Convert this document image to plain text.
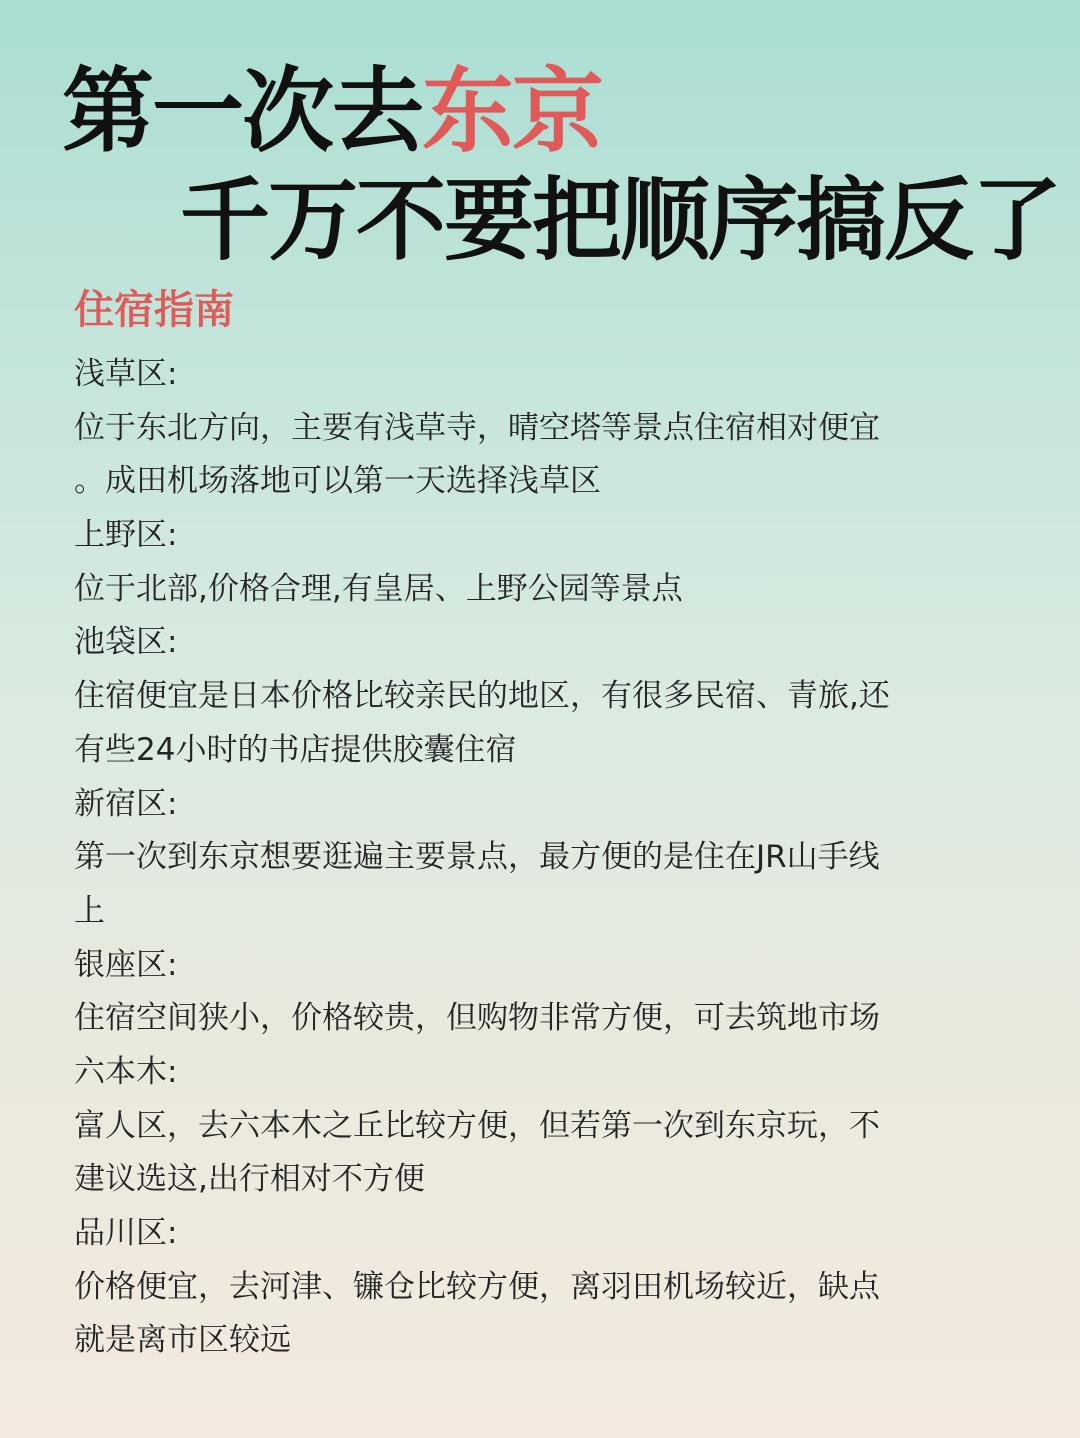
第一次去东京
千万不要把顺序搞反了
住宿指南
浅草区:
位于东北方向，主要有浅草寺，晴空塔等景点住宿相对便宜
。成田机场落地可以第一天选择浅草区
上野区:
位于北部,价格合理,有皇居、上野公园等景点
池袋区:
住宿便宜是日本价格比较亲民的地区，有很多民宿、青旅,还
有些24小时的书店提供胶囊住宿
新宿区:
第一次到东京想要逛遍主要景点，最方便的是住在JR山手线
上
银座区:
住宿空间狭小，价格较贵，但购物非常方便，可去筑地市场
六本木:
富人区，去六本木之丘比较方便，但若第一次到东京玩，不
建议选这,出行相对不方便
品川区:
价格便宜，去河津、镰仓比较方便，离羽田机场较近，缺点
就是离市区较远
